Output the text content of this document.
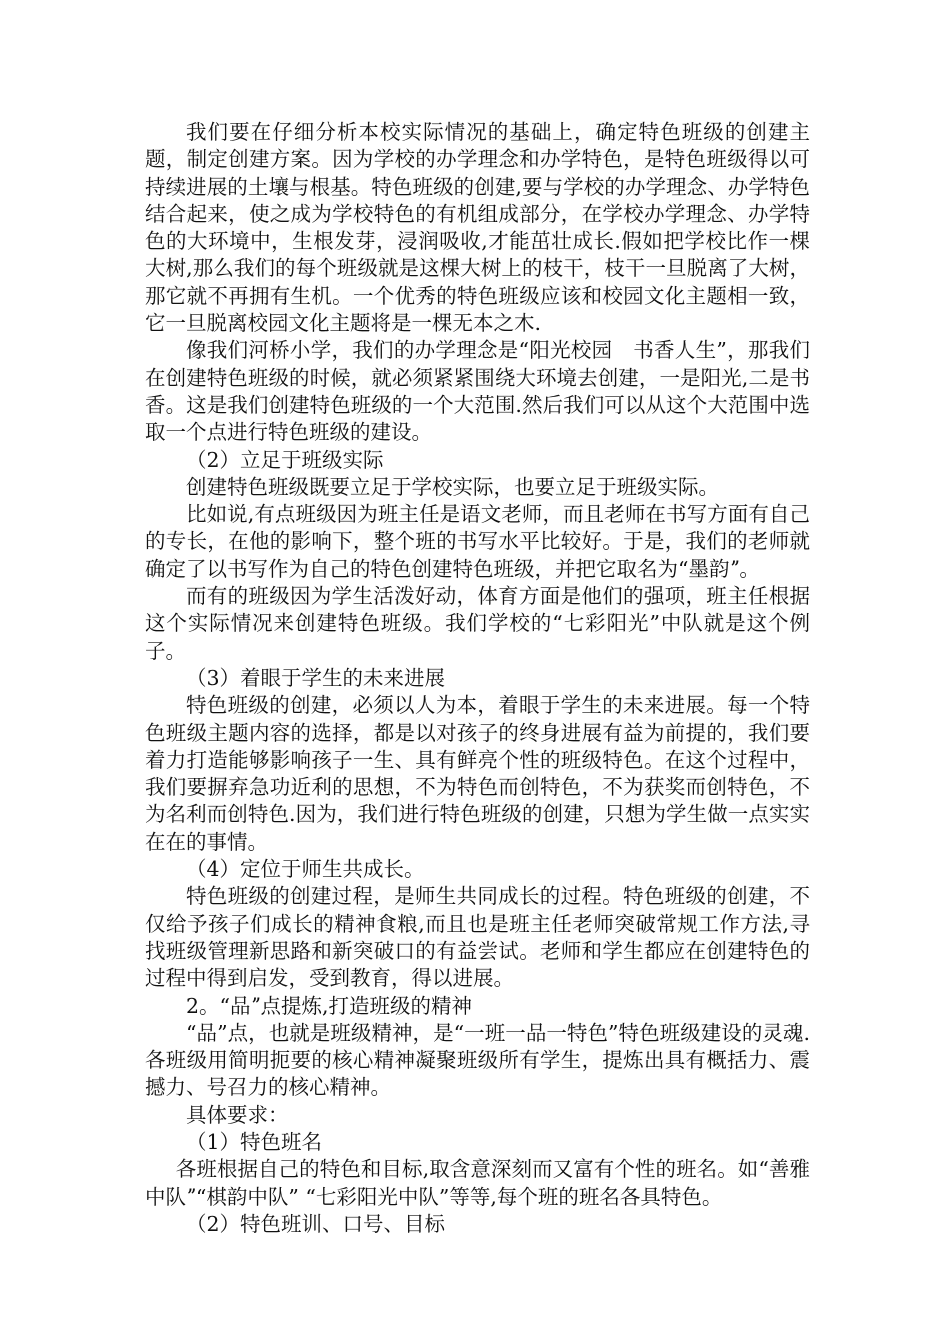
我们要在仔细分析本校实际情况的基础上，确定特色班级的创建主题，制定创建方案。因为学校的办学理念和办学特色，是特色班级得以可持续进展的土壤与根基。特色班级的创建,要与学校的办学理念、办学特色结合起来，使之成为学校特色的有机组成部分，在学校办学理念、办学特色的大环境中，生根发芽，浸润吸收,才能茁壮成长.假如把学校比作一棵大树,那么我们的每个班级就是这棵大树上的枝干，枝干一旦脱离了大树，那它就不再拥有生机。一个优秀的特色班级应该和校园文化主题相一致，它一旦脱离校园文化主题将是一棵无本之木.

像我们河桥小学，我们的办学理念是“阳光校园　书香人生”，那我们在创建特色班级的时候，就必须紧紧围绕大环境去创建，一是阳光,二是书香。这是我们创建特色班级的一个大范围.然后我们可以从这个大范围中选取一个点进行特色班级的建设。

（2）立足于班级实际

创建特色班级既要立足于学校实际，也要立足于班级实际。

比如说,有点班级因为班主任是语文老师，而且老师在书写方面有自己的专长，在他的影响下，整个班的书写水平比较好。于是，我们的老师就确定了以书写作为自己的特色创建特色班级，并把它取名为“墨韵ˮ。

而有的班级因为学生活泼好动，体育方面是他们的强项，班主任根据这个实际情况来创建特色班级。我们学校的“七彩阳光”中队就是这个例子。

（3）着眼于学生的未来进展

特色班级的创建，必须以人为本，着眼于学生的未来进展。每一个特色班级主题内容的选择，都是以对孩子的终身进展有益为前提的，我们要着力打造能够影响孩子一生、具有鲜亮个性的班级特色。在这个过程中，我们要摒弃急功近利的思想，不为特色而创特色，不为获奖而创特色，不为名利而创特色.因为，我们进行特色班级的创建，只想为学生做一点实实在在的事情。

（4）定位于师生共成长。

特色班级的创建过程，是师生共同成长的过程。特色班级的创建，不仅给予孩子们成长的精神食粮,而且也是班主任老师突破常规工作方法,寻找班级管理新思路和新突破口的有益尝试。老师和学生都应在创建特色的过程中得到启发，受到教育，得以进展。

2。“品ˮ点提炼,打造班级的精神

“品”点，也就是班级精神，是“一班一品一特色”特色班级建设的灵魂.各班级用简明扼要的核心精神凝聚班级所有学生，提炼出具有概括力、震撼力、号召力的核心精神。

具体要求：

（1）特色班名

各班根据自己的特色和目标,取含意深刻而又富有个性的班名。如“善雅中队ˮ“棋韵中队” “七彩阳光中队”等等,每个班的班名各具特色。

（2）特色班训、口号、目标
